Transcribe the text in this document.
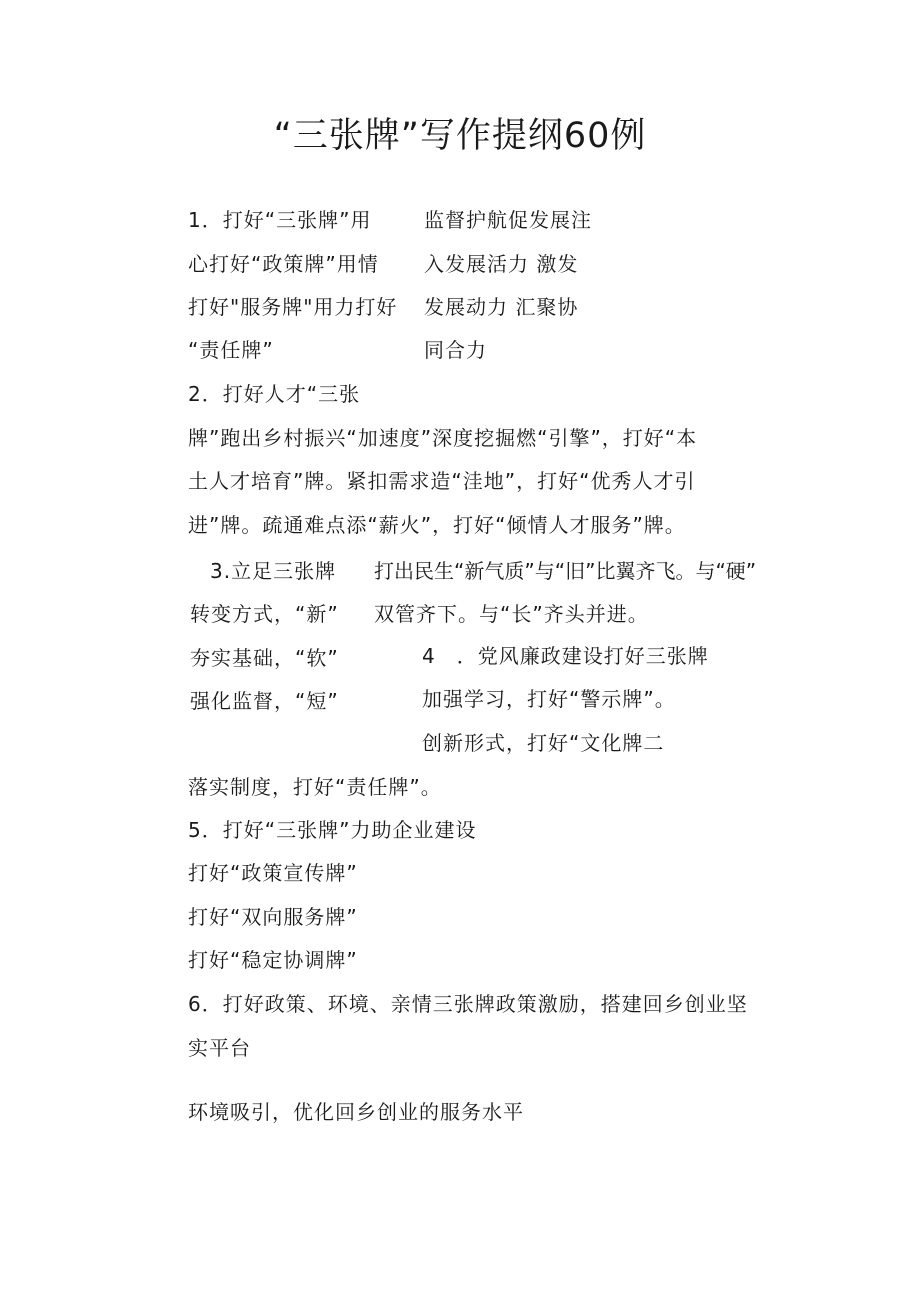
“三张牌”写作提纲60例
1．打好“三张牌”用
心打好“政策牌”用情
打好"服务牌"用力打好
“责任牌”
监督护航促发展注
入发展活力 激发
发展动力 汇聚协
同合力
2．打好人才“三张
牌”跑出乡村振兴“加速度”深度挖掘燃“引擎”，打好“本
土人才培育”牌。紧扣需求造“洼地”，打好“优秀人才引
进”牌。疏通难点添“薪火”，打好“倾情人才服务”牌。
3.立足三张牌
转变方式，“新”
夯实基础，“软”
强化监督，“短”
打出民生“新气质”与“旧”比翼齐飞。与“硬”
双管齐下。与“长”齐头并进。
4　．党风廉政建设打好三张牌
加强学习，打好“警示牌”。
创新形式，打好“文化牌二
落实制度，打好“责任牌”。
5．打好“三张牌”力助企业建设
打好“政策宣传牌”
打好“双向服务牌”
打好“稳定协调牌”
6．打好政策、环境、亲情三张牌政策激励，搭建回乡创业坚
实平台
环境吸引，优化回乡创业的服务水平
